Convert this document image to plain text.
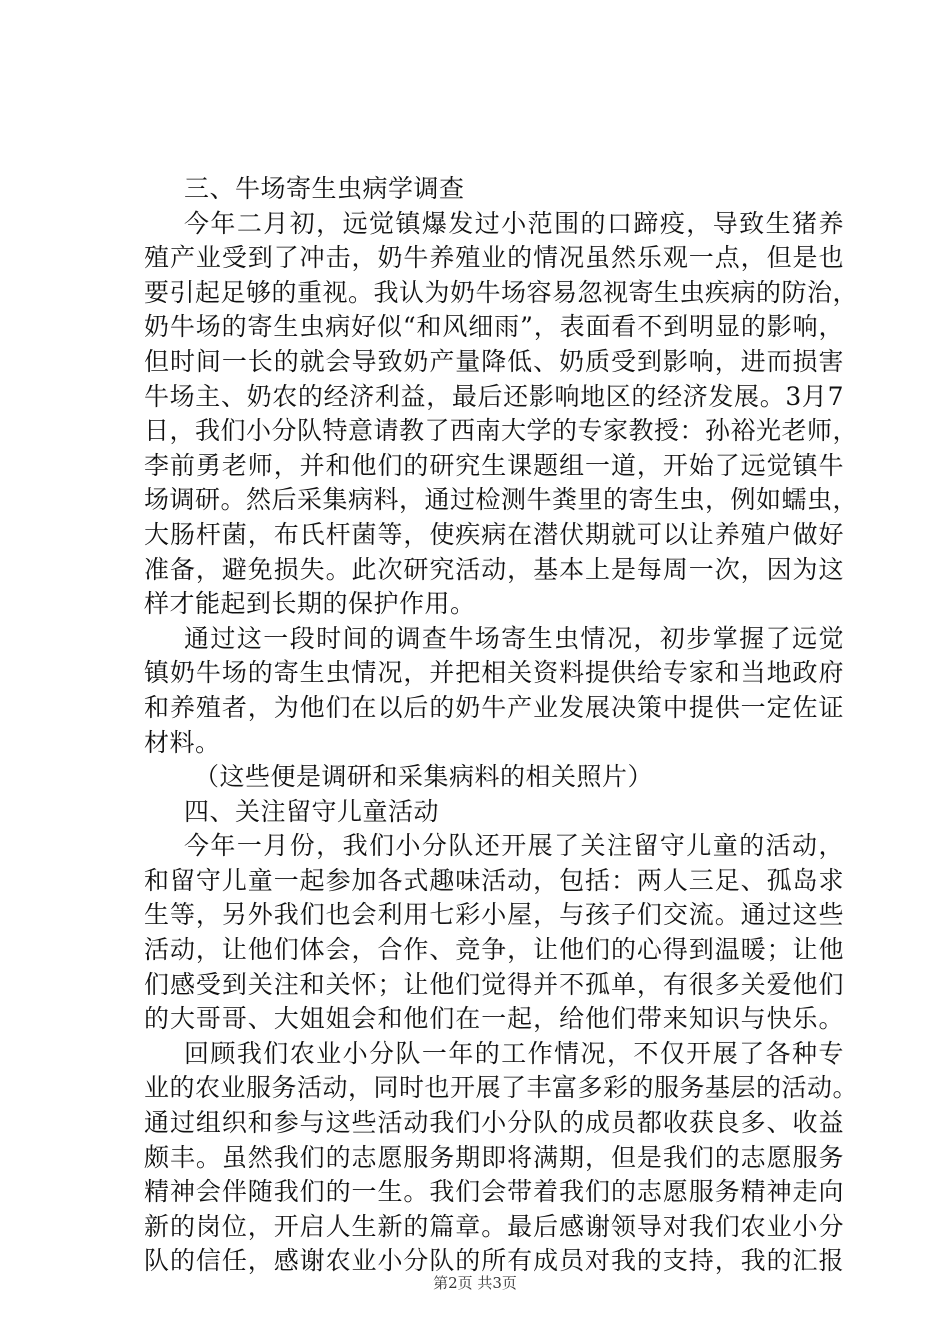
三、牛场寄生虫病学调查
今年二月初，远觉镇爆发过小范围的口蹄疫，导致生猪养
殖产业受到了冲击，奶牛养殖业的情况虽然乐观一点，但是也
要引起足够的重视。我认为奶牛场容易忽视寄生虫疾病的防治，
奶牛场的寄生虫病好似“和风细雨”，表面看不到明显的影响，
但时间一长的就会导致奶产量降低、奶质受到影响，进而损害
牛场主、奶农的经济利益，最后还影响地区的经济发展。3月7
日，我们小分队特意请教了西南大学的专家教授：孙裕光老师，
李前勇老师，并和他们的研究生课题组一道，开始了远觉镇牛
场调研。然后采集病料，通过检测牛粪里的寄生虫，例如蠕虫，
大肠杆菌，布氏杆菌等，使疾病在潜伏期就可以让养殖户做好
准备，避免损失。此次研究活动，基本上是每周一次，因为这
样才能起到长期的保护作用。
通过这一段时间的调查牛场寄生虫情况，初步掌握了远觉
镇奶牛场的寄生虫情况，并把相关资料提供给专家和当地政府
和养殖者，为他们在以后的奶牛产业发展决策中提供一定佐证
材料。
（这些便是调研和采集病料的相关照片）
四、关注留守儿童活动
今年一月份，我们小分队还开展了关注留守儿童的活动，
和留守儿童一起参加各式趣味活动，包括：两人三足、孤岛求
生等，另外我们也会利用七彩小屋，与孩子们交流。通过这些
活动，让他们体会，合作、竞争，让他们的心得到温暖；让他
们感受到关注和关怀；让他们觉得并不孤单，有很多关爱他们
的大哥哥、大姐姐会和他们在一起，给他们带来知识与快乐。
回顾我们农业小分队一年的工作情况，不仅开展了各种专
业的农业服务活动，同时也开展了丰富多彩的服务基层的活动。
通过组织和参与这些活动我们小分队的成员都收获良多、收益
颇丰。虽然我们的志愿服务期即将满期，但是我们的志愿服务
精神会伴随我们的一生。我们会带着我们的志愿服务精神走向
新的岗位，开启人生新的篇章。最后感谢领导对我们农业小分
队的信任，感谢农业小分队的所有成员对我的支持，我的汇报
第2页 共3页
